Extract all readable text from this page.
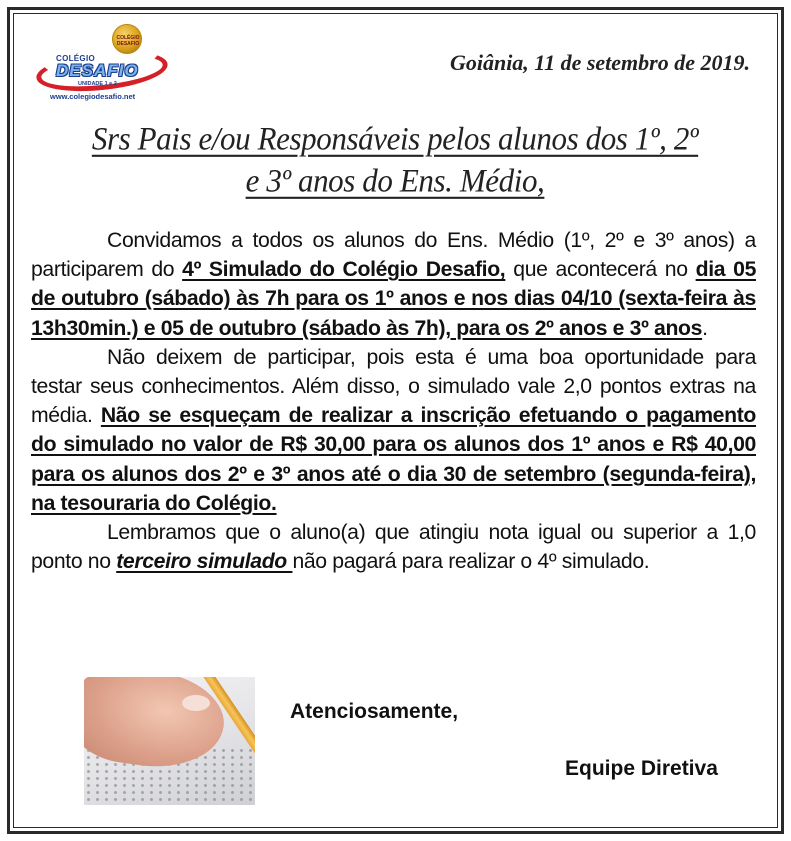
COLÉGIO DESAFIO
COLÉGIO
DESAFIO
UNIDADE 1 e 2
www.colegiodesafio.net
Goiânia, 11 de setembro de 2019.
Srs Pais e/ou Responsáveis pelos alunos dos 1º, 2º
e 3º anos do Ens. Médio,

Convidamos a todos os alunos do Ens. Médio (1º, 2º e 3º anos) a participarem do 4º Simulado do Colégio Desafio, que acontecerá no dia 05 de outubro (sábado) às 7h para os 1º anos e nos dias 04/10 (sexta-feira às 13h30min.) e 05 de outubro (sábado às 7h), para os 2º anos e 3º anos.

Não deixem de participar, pois esta é uma boa oportunidade para testar seus conhecimentos. Além disso, o simulado vale 2,0 pontos extras na média. Não se esqueçam de realizar a inscrição efetuando o pagamento do simulado no valor de R$ 30,00 para os alunos dos 1º anos e R$ 40,00 para os alunos dos 2º e 3º anos até o dia 30 de setembro (segunda-feira), na tesouraria do Colégio.

Lembramos que o aluno(a) que atingiu nota igual ou superior a 1,0 ponto no terceiro simulado não pagará para realizar o 4º simulado.

Atenciosamente,
Equipe Diretiva
